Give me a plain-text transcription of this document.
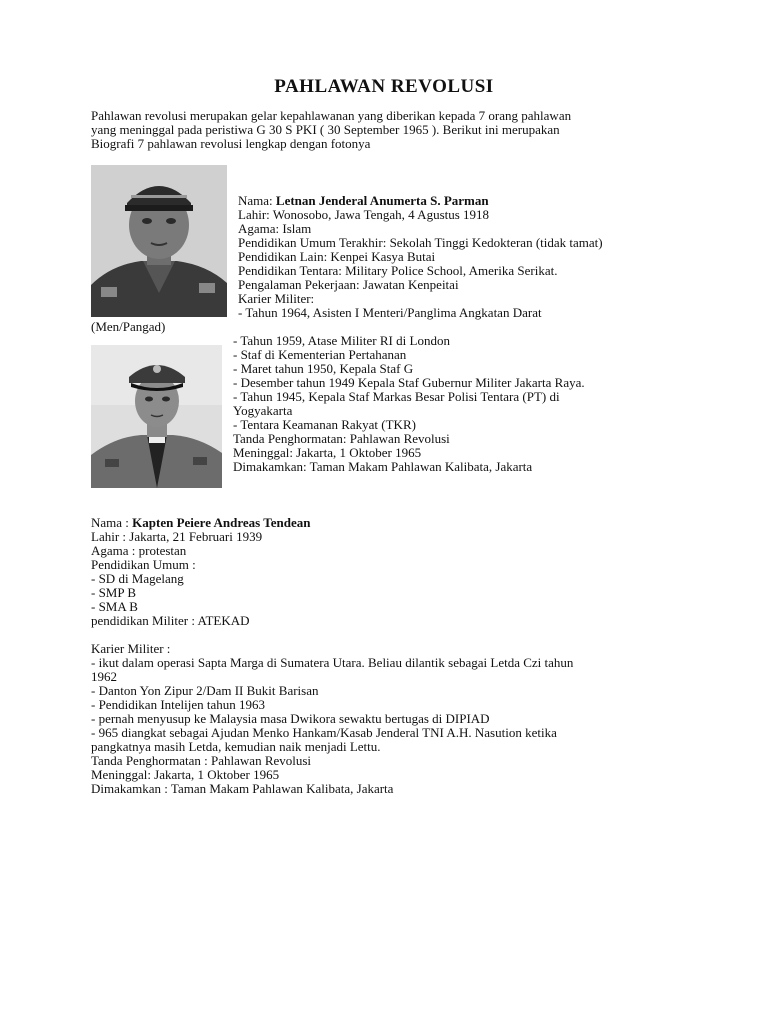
PAHLAWAN REVOLUSI
Pahlawan revolusi merupakan gelar kepahlawanan yang diberikan kepada 7 orang pahlawan
yang meninggal pada peristiwa G 30 S PKI ( 30 September 1965 ). Berikut ini merupakan
Biografi 7 pahlawan revolusi lengkap dengan fotonya
Nama: Letnan Jenderal Anumerta S. Parman
Lahir: Wonosobo, Jawa Tengah, 4 Agustus 1918
Agama: Islam
Pendidikan Umum Terakhir: Sekolah Tinggi Kedokteran (tidak tamat)
Pendidikan Lain: Kenpei Kasya Butai
Pendidikan Tentara: Military Police School, Amerika Serikat.
Pengalaman Pekerjaan: Jawatan Kenpeitai
Karier Militer:
- Tahun 1964, Asisten I Menteri/Panglima Angkatan Darat
(Men/Pangad)
- Tahun 1959, Atase Militer RI di London
- Staf di Kementerian Pertahanan
- Maret tahun 1950, Kepala Staf G
- Desember tahun 1949 Kepala Staf Gubernur Militer Jakarta Raya.
- Tahun 1945, Kepala Staf Markas Besar Polisi Tentara (PT) di
Yogyakarta
- Tentara Keamanan Rakyat (TKR)
Tanda Penghormatan: Pahlawan Revolusi
Meninggal: Jakarta, 1 Oktober 1965
Dimakamkan: Taman Makam Pahlawan Kalibata, Jakarta
Nama : Kapten Peiere Andreas Tendean
Lahir : Jakarta, 21 Februari 1939
Agama : protestan
Pendidikan Umum :
- SD di Magelang
- SMP B
- SMA B
pendidikan Militer : ATEKAD
Karier Militer :
- ikut dalam operasi Sapta Marga di Sumatera Utara. Beliau dilantik sebagai Letda Czi tahun
1962
- Danton Yon Zipur 2/Dam II Bukit Barisan
- Pendidikan Intelijen tahun 1963
- pernah menyusup ke Malaysia masa Dwikora sewaktu bertugas di DIPIAD
- 965 diangkat sebagai Ajudan Menko Hankam/Kasab Jenderal TNI A.H. Nasution ketika
pangkatnya masih Letda, kemudian naik menjadi Lettu.
Tanda Penghormatan : Pahlawan Revolusi
Meninggal: Jakarta, 1 Oktober 1965
Dimakamkan : Taman Makam Pahlawan Kalibata, Jakarta
